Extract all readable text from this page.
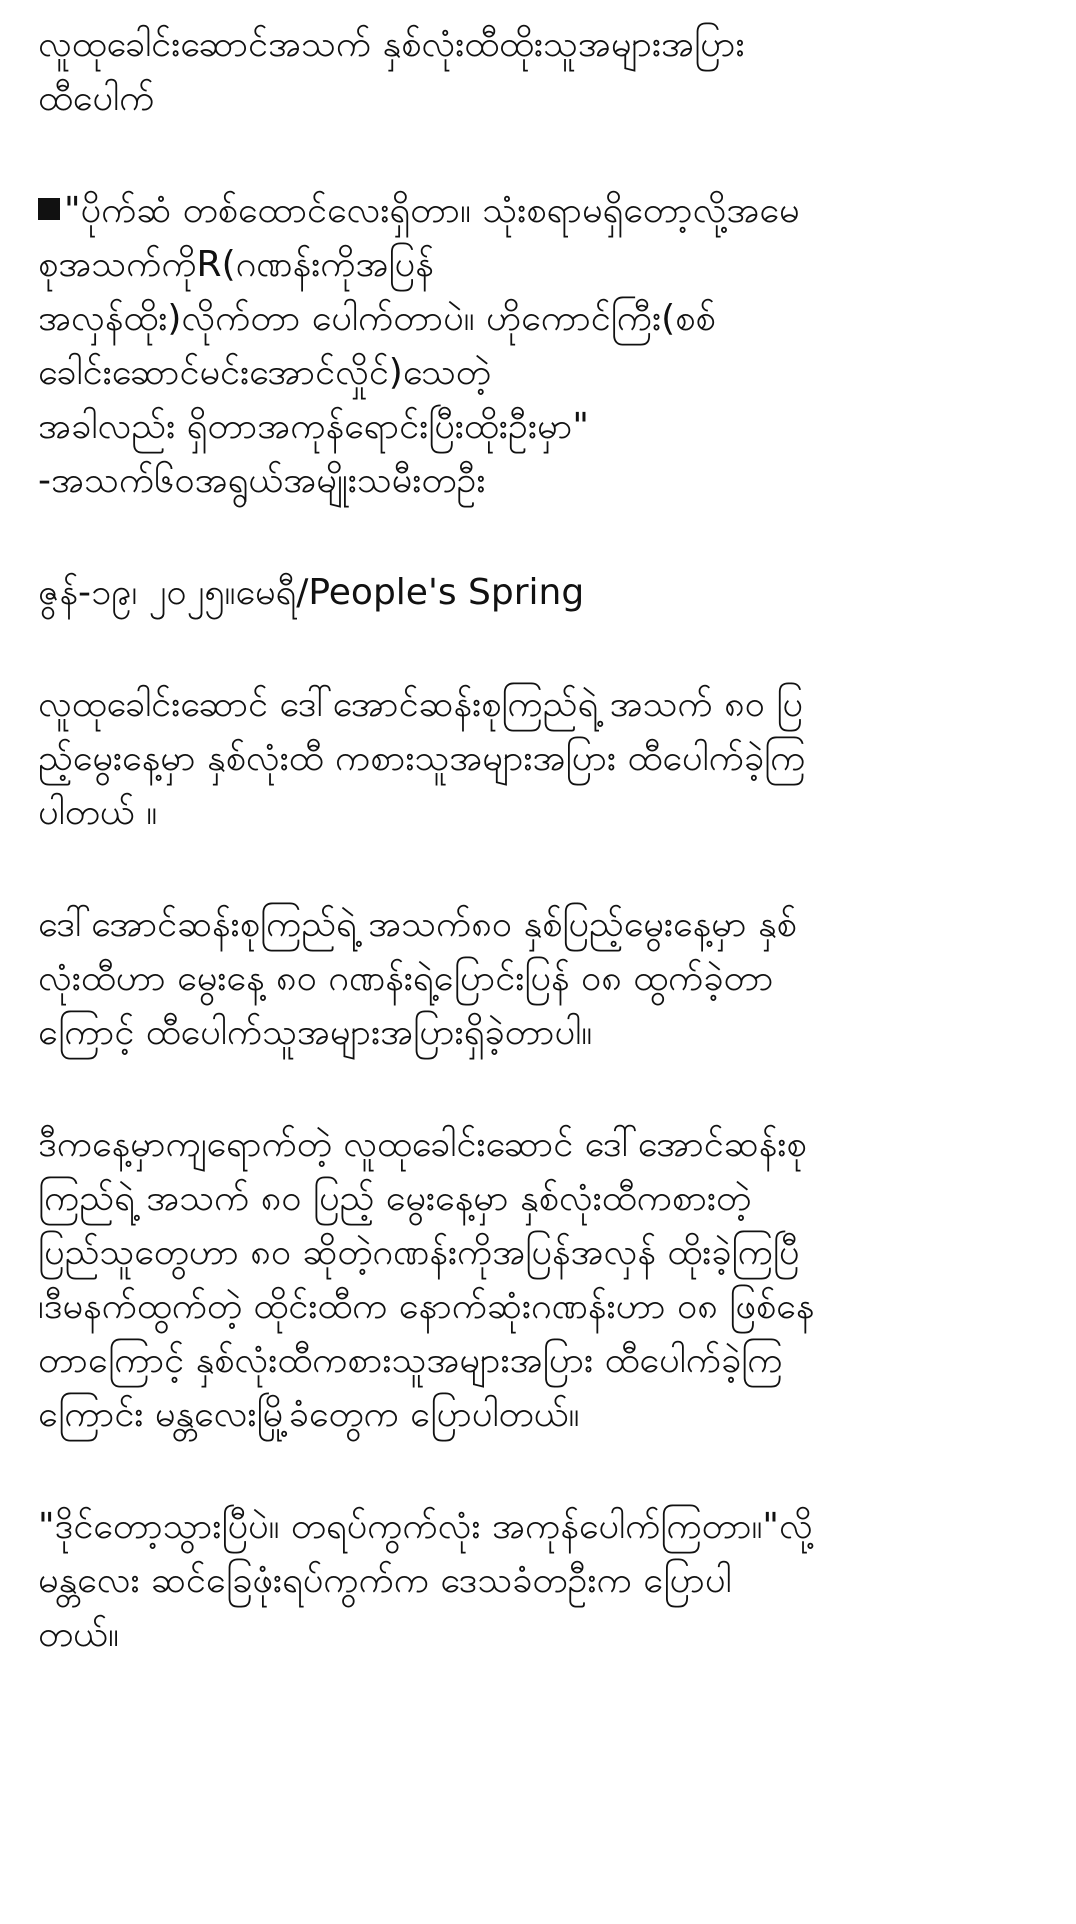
လူထုခေါင်းဆောင်အသက် နှစ်လုံးထီထိုးသူအများအပြား
ထီပေါက်

"ပိုက်ဆံ တစ်ထောင်လေးရှိတာ။ သုံးစရာမရှိတော့လို့အမေ
စုအသက်ကိုR(ဂဏန်းကိုအပြန်
အလှန်ထိုး)လိုက်တာ ပေါက်တာပဲ။ ဟိုကောင်ကြီး(စစ်
ခေါင်းဆောင်မင်းအောင်လှိုင်)သေတဲ့
အခါလည်း ရှိတာအကုန်ရောင်းပြီးထိုးဦးမှာ"
-အသက်၆၀အရွယ်အမျိုးသမီးတဦး

ဇွန်-၁၉၊ ၂၀၂၅။မေရီ/People's Spring

လူထုခေါင်းဆောင် ဒေါ်အောင်ဆန်းစုကြည်ရဲ့ အသက် ၈၀ ပြ
ည့်မွေးနေ့မှာ နှစ်လုံးထီ ကစားသူအများအပြား ထီပေါက်ခဲ့ကြ
ပါတယ် ။

ဒေါ်အောင်ဆန်းစုကြည်ရဲ့ အသက်၈၀ နှစ်ပြည့်မွေးနေ့မှာ နှစ်
လုံးထီဟာ မွေးနေ့ ၈၀ ဂဏန်းရဲ့ပြောင်းပြန် ၀၈ ထွက်ခဲ့တာ
ကြောင့် ထီပေါက်သူအများအပြားရှိခဲ့တာပါ။

ဒီကနေ့မှာကျရောက်တဲ့ လူထုခေါင်းဆောင် ဒေါ်အောင်ဆန်းစု
ကြည်ရဲ့ အသက် ၈၀ ပြည့် မွေးနေ့မှာ နှစ်လုံးထီကစားတဲ့
ပြည်သူတွေဟာ ၈၀ ဆိုတဲ့ဂဏန်းကိုအပြန်အလှန် ထိုးခဲ့ကြပြီ
၊ဒီမနက်ထွက်တဲ့ ထိုင်းထီက နောက်ဆုံးဂဏန်းဟာ ၀၈ ဖြစ်နေ
တာကြောင့် နှစ်လုံးထီကစားသူအများအပြား ထီပေါက်ခဲ့ကြ
ကြောင်း မန္တလေးမြို့ခံတွေက ပြောပါတယ်။

"ဒိုင်တော့သွားပြီပဲ။ တရပ်ကွက်လုံး အကုန်ပေါက်ကြတာ။"လို့
မန္တလေး ဆင်ခြေဖုံးရပ်ကွက်က ဒေသခံတဦးက ပြောပါ
တယ်။
